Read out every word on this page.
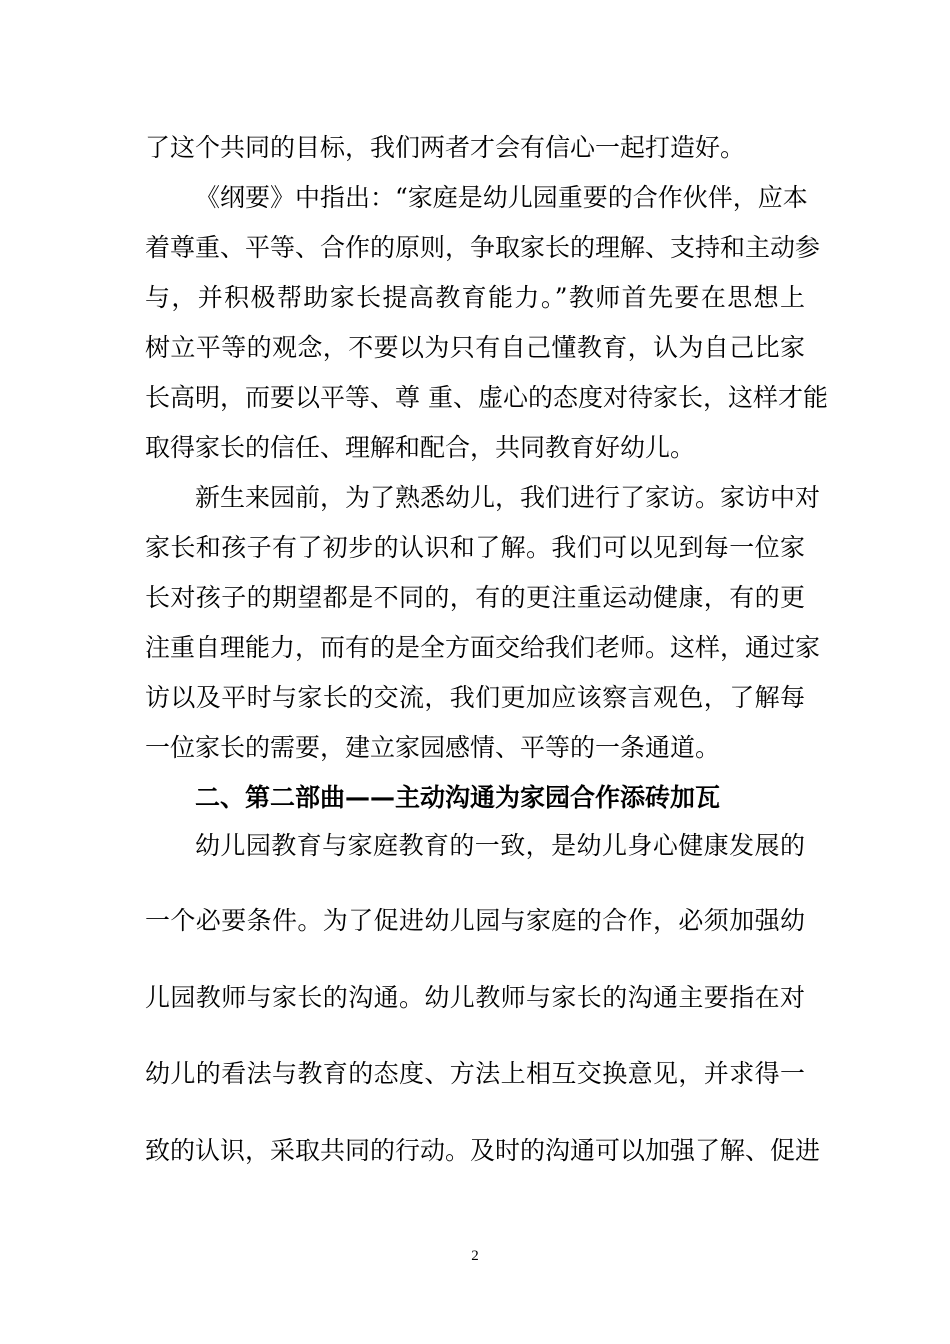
了这个共同的目标，我们两者才会有信心一起打造好。
《纲要》中指出：“家庭是幼儿园重要的合作伙伴，应本
着尊重、平等、合作的原则，争取家长的理解、支持和主动参
与，并积极帮助家长提高教育能力。”教师首先要在思想上
树立平等的观念，不要以为只有自己懂教育，认为自己比家
长高明，而要以平等、尊 重、虚心的态度对待家长，这样才能
取得家长的信任、理解和配合，共同教育好幼儿。
新生来园前，为了熟悉幼儿，我们进行了家访。家访中对
家长和孩子有了初步的认识和了解。我们可以见到每一位家
长对孩子的期望都是不同的，有的更注重运动健康，有的更
注重自理能力，而有的是全方面交给我们老师。这样，通过家
访以及平时与家长的交流，我们更加应该察言观色，了解每
一位家长的需要，建立家园感情、平等的一条通道。
二、第二部曲——主动沟通为家园合作添砖加瓦
幼儿园教育与家庭教育的一致，是幼儿身心健康发展的
一个必要条件。为了促进幼儿园与家庭的合作，必须加强幼
儿园教师与家长的沟通。幼儿教师与家长的沟通主要指在对
幼儿的看法与教育的态度、方法上相互交换意见，并求得一
致的认识，采取共同的行动。及时的沟通可以加强了解、促进
2
